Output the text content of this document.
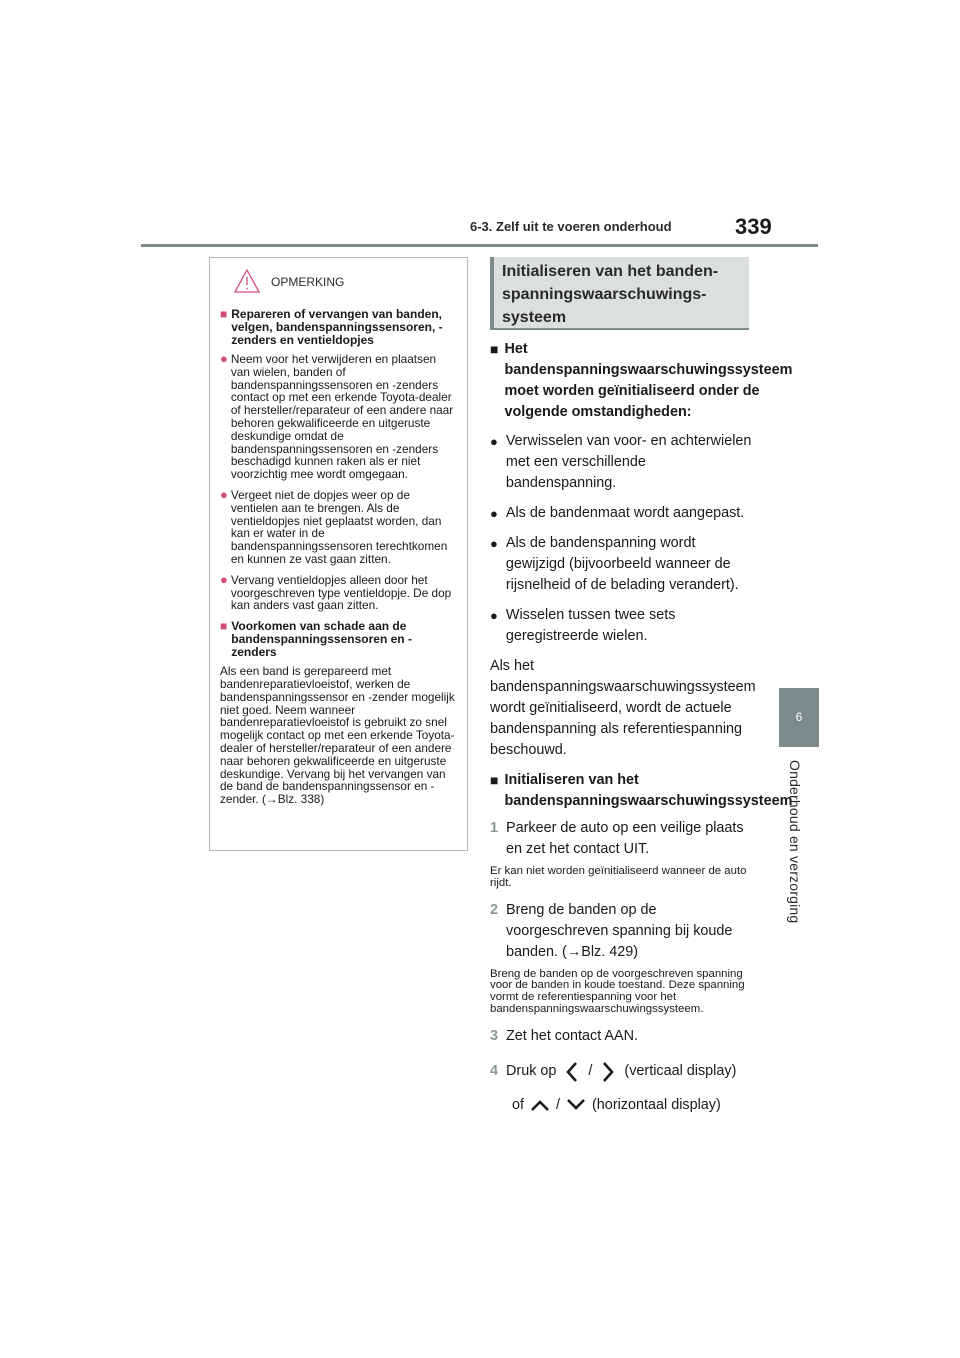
6-3. Zelf uit te voeren onderhoud	339
6
Onderhoud en verzorging
OPMERKING
■ Repareren of vervangen van banden, velgen, bandenspanningssensoren, -zenders en ventieldopjes
● Neem voor het verwijderen en plaatsen van wielen, banden of bandenspanningssensoren en -zenders contact op met een erkende Toyota-dealer of hersteller/reparateur of een andere naar behoren gekwalificeerde en uitgeruste deskundige omdat de bandenspanningssensoren en -zenders beschadigd kunnen raken als er niet voorzichtig mee wordt omgegaan.
● Vergeet niet de dopjes weer op de ventielen aan te brengen. Als de ventieldopjes niet geplaatst worden, dan kan er water in de bandenspanningssensoren terechtkomen en kunnen ze vast gaan zitten.
● Vervang ventieldopjes alleen door het voorgeschreven type ventieldopje. De dop kan anders vast gaan zitten.
■ Voorkomen van schade aan de bandenspanningssensoren en -zenders
Als een band is gerepareerd met bandenreparatievloeistof, werken de bandenspanningssensor en -zender mogelijk niet goed. Neem wanneer bandenreparatievloeistof is gebruikt zo snel mogelijk contact op met een erkende Toyota-dealer of hersteller/reparateur of een andere naar behoren gekwalificeerde en uitgeruste deskundige. Vervang bij het vervangen van de band de bandenspanningssensor en -zender. (→Blz. 338)
Initialiseren van het banden-
spanningswaarschuwings-
systeem
■ Het bandenspanningswaarschuwingssysteem moet worden geïnitialiseerd onder de volgende omstandigheden:
● Verwisselen van voor- en achterwielen met een verschillende bandenspanning.
● Als de bandenmaat wordt aangepast.
● Als de bandenspanning wordt gewijzigd (bijvoorbeeld wanneer de rijsnelheid of de belading verandert).
● Wisselen tussen twee sets geregistreerde wielen.
Als het bandenspanningswaarschuwingssysteem wordt geïnitialiseerd, wordt de actuele bandenspanning als referentiespanning beschouwd.
■ Initialiseren van het bandenspanningswaarschuwingssysteem
1 Parkeer de auto op een veilige plaats en zet het contact UIT.
Er kan niet worden geïnitialiseerd wanneer de auto rijdt.
2 Breng de banden op de voorgeschreven spanning bij koude banden. (→Blz. 429)
Breng de banden op de voorgeschreven spanning voor de banden in koude toestand. Deze spanning vormt de referentiespanning voor het bandenspanningswaarschuwingssysteem.
3 Zet het contact AAN.
4 Druk op / (verticaal display)
of / (horizontaal display)
